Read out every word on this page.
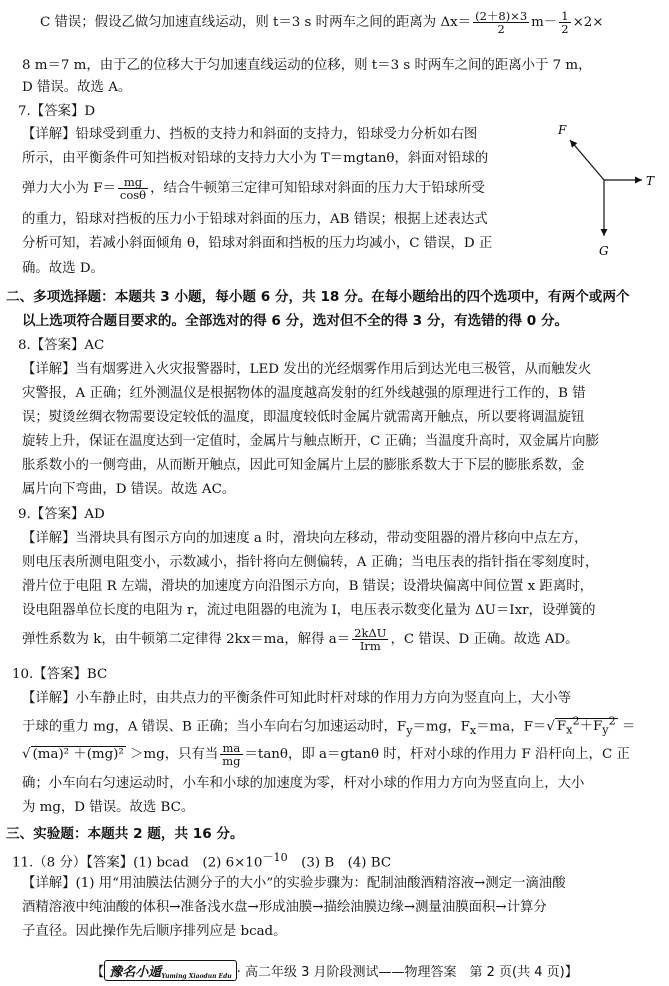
C 错误；假设乙做匀加速直线运动，则 t＝3 s 时两车之间的距离为 $\Delta x= \frac{(2+8)\times 3}{2} m- \frac{1}{2} \times 2\times$
8 m＝7 m，由于乙的位移大于匀加速直线运动的位移，则 t＝3 s 时两车之间的距离小于 7 m，
D 错误。故选 A。
7.【答案】D
【详解】铅球受到重力、挡板的支持力和斜面的支持力，铅球受力分析如右图
所示，由平衡条件可知挡板对铅球的支持力大小为 T＝mgtanθ，斜面对铅球的
弹力大小为 $F= \frac{mg}{\cos\theta}$ ，结合牛顿第三定律可知铅球对斜面的压力大于铅球所受
的重力，铅球对挡板的压力小于铅球对斜面的压力，AB 错误；根据上述表达式
分析可知，若减小斜面倾角 θ，铅球对斜面和挡板的压力均减小，C 错误，D 正
确。故选 D。
F
T
G
二、多项选择题：本题共 3 小题，每小题 6 分，共 18 分。在每小题给出的四个选项中，有两个或两个
以上选项符合题目要求的。全部选对的得 6 分，选对但不全的得 3 分，有选错的得 0 分。
8.【答案】AC
【详解】当有烟雾进入火灾报警器时，LED 发出的光经烟雾作用后到达光电三极管，从而触发火
灾警报，A 正确；红外测温仪是根据物体的温度越高发射的红外线越强的原理进行工作的，B 错
误；熨烫丝绸衣物需要设定较低的温度，即温度较低时金属片就需离开触点，所以要将调温旋钮
旋转上升，保证在温度达到一定值时，金属片与触点断开，C 正确；当温度升高时，双金属片向膨
胀系数小的一侧弯曲，从而断开触点，因此可知金属片上层的膨胀系数大于下层的膨胀系数，金
属片向下弯曲，D 错误。故选 AC。
9.【答案】AD
【详解】当滑块具有图示方向的加速度 a 时，滑块向左移动，带动变阻器的滑片移向中点左方，
则电压表所测电阻变小，示数减小，指针将向左侧偏转，A 正确；当电压表的指针指在零刻度时，
滑片位于电阻 R 左端，滑块的加速度方向沿图示方向，B 错误；设滑块偏离中间位置 x 距离时，
设电阻器单位长度的电阻为 r，流过电阻器的电流为 I，电压表示数变化量为 ΔU＝Ixr，设弹簧的
弹性系数为 k，由牛顿第二定律得 2kx＝ma，解得 $a= \frac{\text{2kΔU}}{\text{Irm}}$ ，C 错误、D 正确。故选 AD。
10.【答案】BC
【详解】小车静止时，由共点力的平衡条件可知此时杆对球的作用力方向为竖直向上，大小等
于球的重力 mg，A 错误、B 正确；当小车向右匀加速运动时，$F_y=mg$，$F_x=ma$，F＝√ $F_x^2+F_y^2$ ＝
√ (ma)² ＋(mg)² ＞mg，只有当 $\frac{ma}{mg} =\tan\theta$，即 a＝gtanθ 时，杆对小球的作用力 F 沿杆向上，C 正
确；小车向右匀速运动时，小车和小球的加速度为零，杆对小球的作用力方向为竖直向上，大小
为 mg，D 错误。故选 BC。
三、实验题：本题共 2 题，共 16 分。
11.（8 分）【答案】(1) bcad　(2) $6\times 10^{-10}$　(3) B　(4) BC
【详解】(1) 用“用油膜法估测分子的大小”的实验步骤为：配制油酸酒精溶液→测定一滴油酸
酒精溶液中纯油酸的体积→准备浅水盘→形成油膜→描绘油膜边缘→测量油膜面积→计算分
子直径。因此操作先后顺序排列应是 bcad。
【 豫名小遁Yuming Xiaodun Edu · 高二年级 3 月阶段测试——物理答案　第 2 页(共 4 页)】
